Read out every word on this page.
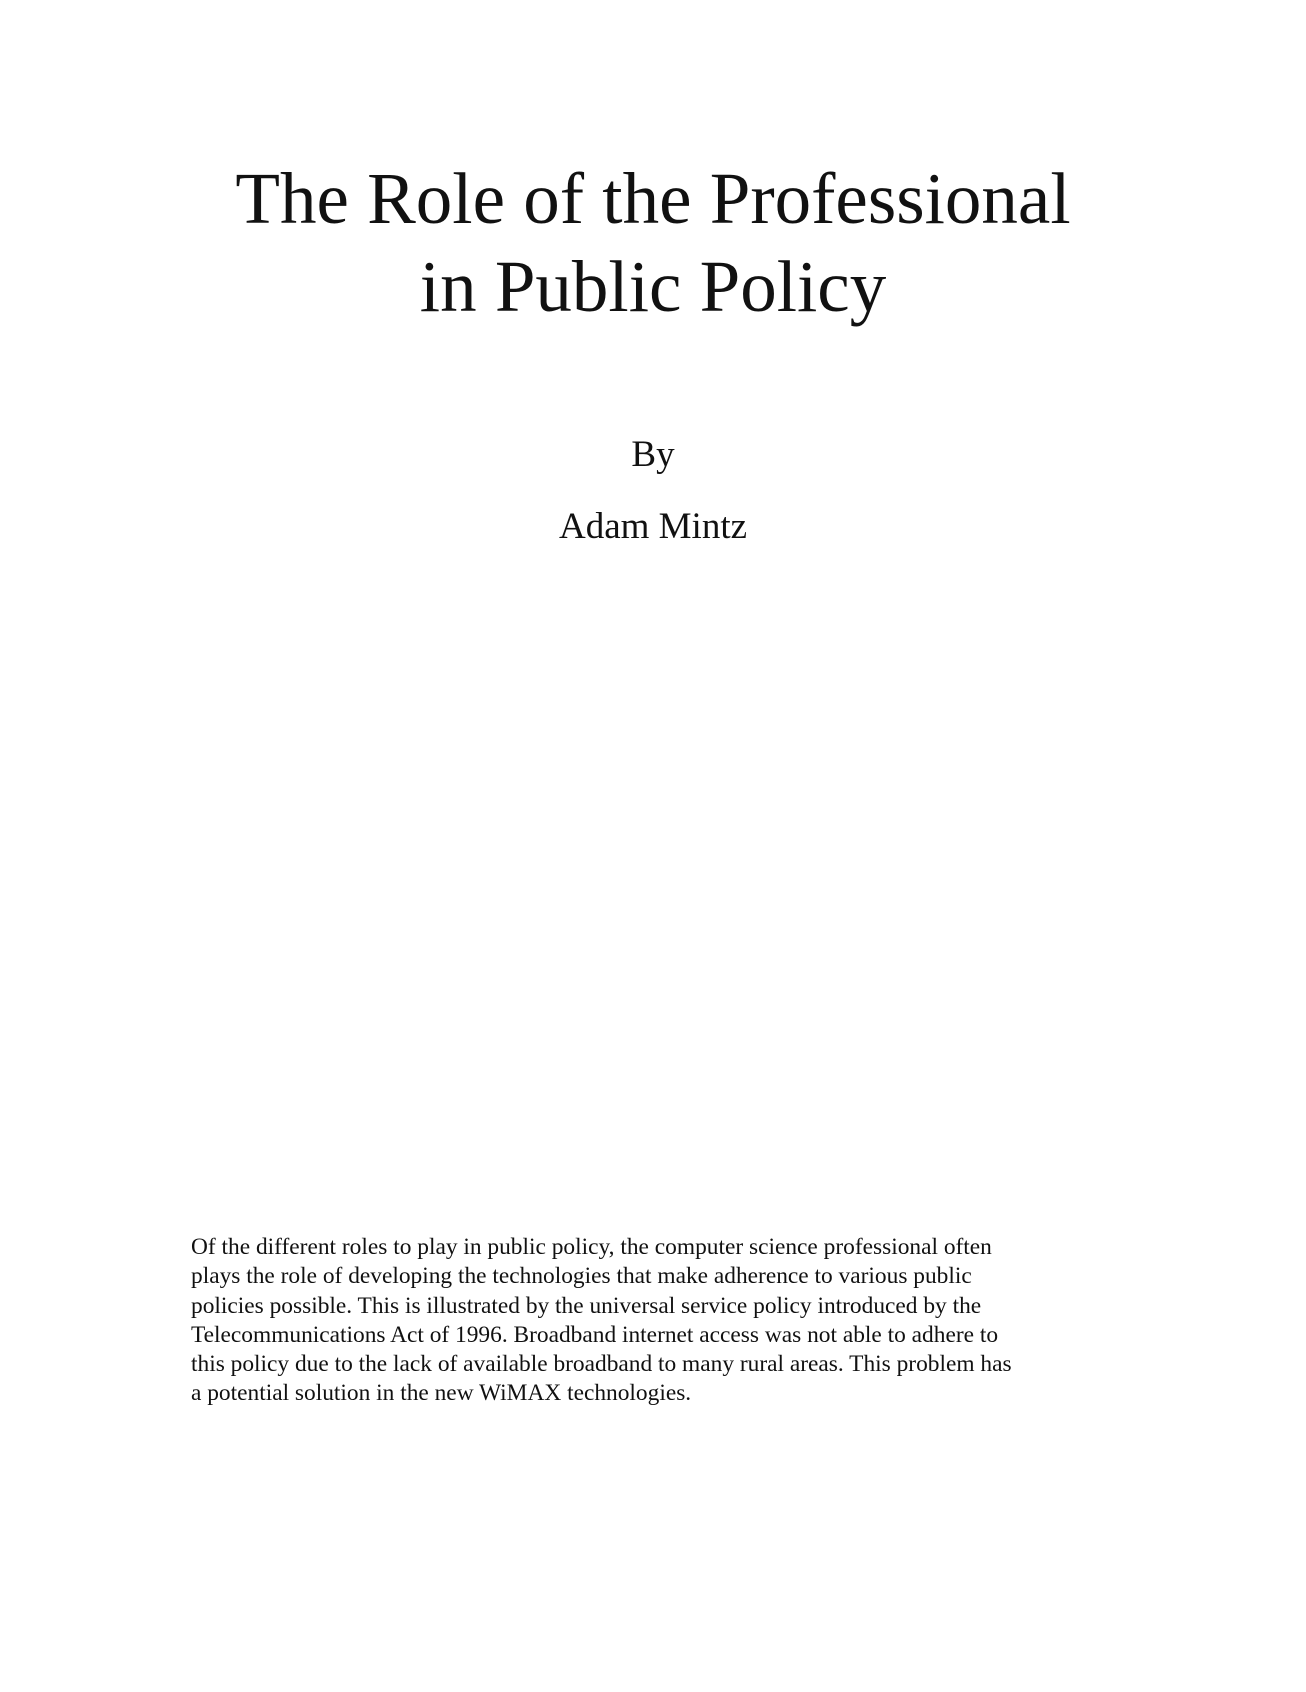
The Role of the Professional
in Public Policy

By

Adam Mintz

Of the different roles to play in public policy, the computer science professional often
plays the role of developing the technologies that make adherence to various public
policies possible. This is illustrated by the universal service policy introduced by the
Telecommunications Act of 1996. Broadband internet access was not able to adhere to
this policy due to the lack of available broadband to many rural areas. This problem has
a potential solution in the new WiMAX technologies.
